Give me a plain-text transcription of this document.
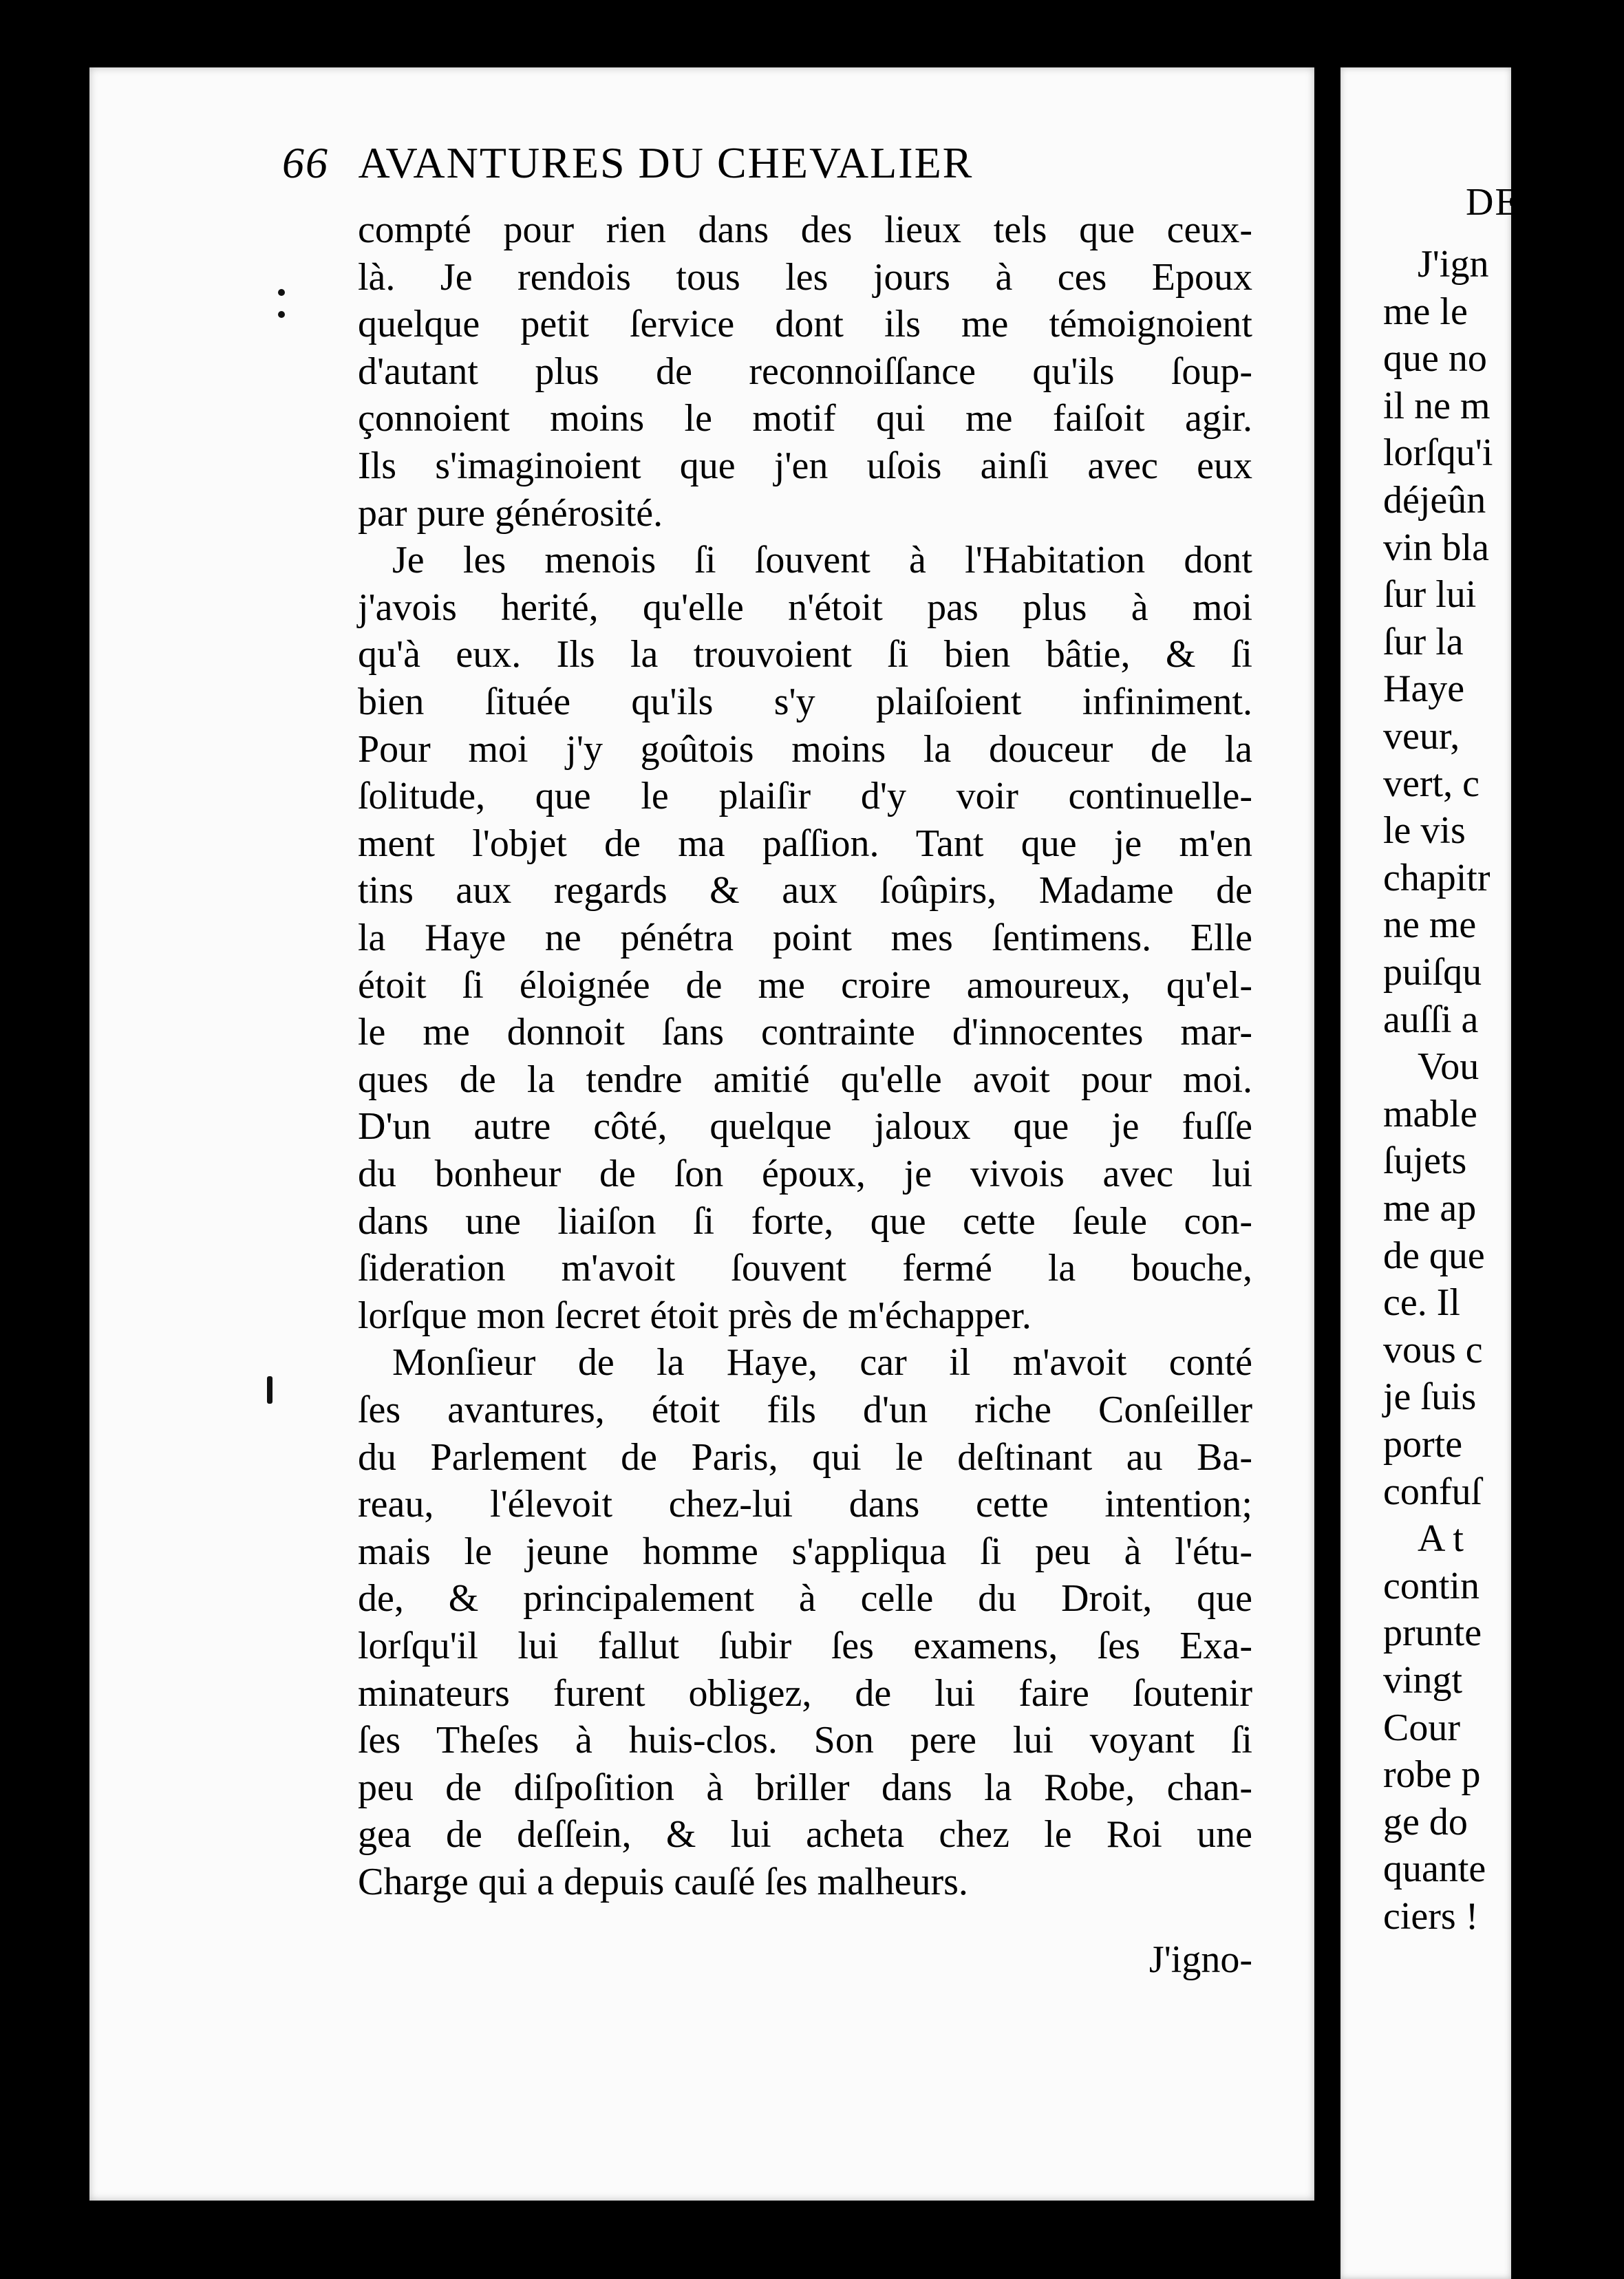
66 AVANTURES DU CHEVALIER
compté pour rien dans des lieux tels que ceux-
là. Je rendois tous les jours à ces Epoux
quelque petit ſervice dont ils me témoignoient
d'autant plus de reconnoiſſance qu'ils ſoup-
çonnoient moins le motif qui me faiſoit agir.
Ils s'imaginoient que j'en uſois ainſi avec eux
par pure générosité.
Je les menois ſi ſouvent à l'Habitation dont
j'avois herité, qu'elle n'étoit pas plus à moi
qu'à eux. Ils la trouvoient ſi bien bâtie, & ſi
bien ſituée qu'ils s'y plaiſoient infiniment.
Pour moi j'y goûtois moins la douceur de la
ſolitude, que le plaiſir d'y voir continuelle-
ment l'objet de ma paſſion. Tant que je m'en
tins aux regards & aux ſoûpirs, Madame de
la Haye ne pénétra point mes ſentimens. Elle
étoit ſi éloignée de me croire amoureux, qu'el-
le me donnoit ſans contrainte d'innocentes mar-
ques de la tendre amitié qu'elle avoit pour moi.
D'un autre côté, quelque jaloux que je fuſſe
du bonheur de ſon époux, je vivois avec lui
dans une liaiſon ſi forte, que cette ſeule con-
ſideration m'avoit ſouvent fermé la bouche,
lorſque mon ſecret étoit près de m'échapper.
Monſieur de la Haye, car il m'avoit conté
ſes avantures, étoit fils d'un riche Conſeiller
du Parlement de Paris, qui le deſtinant au Ba-
reau, l'élevoit chez-lui dans cette intention;
mais le jeune homme s'appliqua ſi peu à l'étu-
de, & principalement à celle du Droit, que
lorſqu'il lui fallut ſubir ſes examens, ſes Exa-
minateurs furent obligez, de lui faire ſoutenir
ſes Theſes à huis-clos. Son pere lui voyant ſi
peu de diſpoſition à briller dans la Robe, chan-
gea de deſſein, & lui acheta chez le Roi une
Charge qui a depuis cauſé ſes malheurs.
J'igno-
DE
J'ign
me le
que no
il ne m
lorſqu'i
déjeûn
vin bla
ſur lui
ſur la
Haye
veur,
vert, c
le vis
chapitr
ne me
puiſqu
auſſi a
Vou
mable
ſujets
me ap
de que
ce. Il
vous c
je ſuis
porte
confuſ
A t
contin
prunte
vingt
Cour
robe p
ge do
quante
ciers !
